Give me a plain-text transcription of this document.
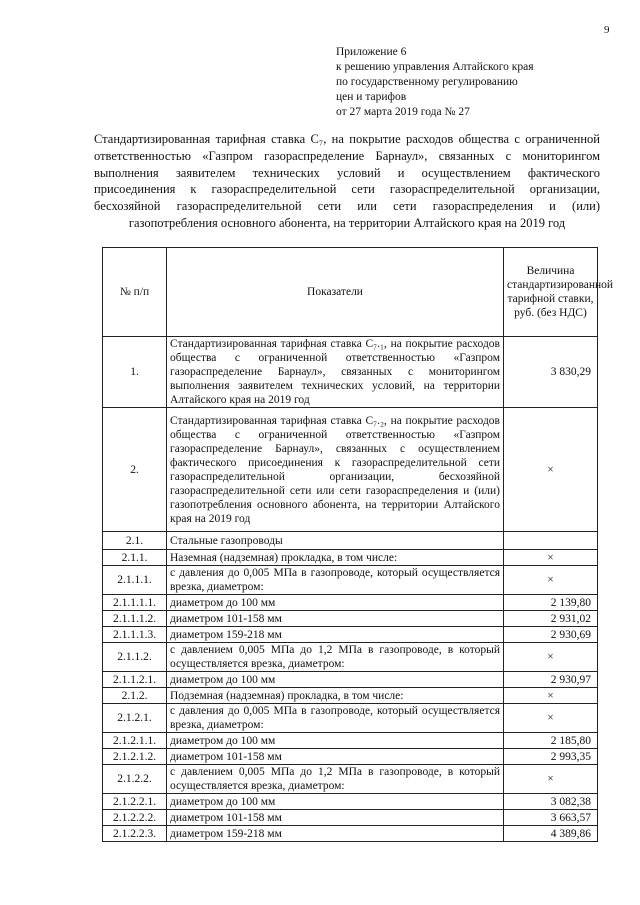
9
Приложение 6
к решению управления Алтайского края
по государственному регулированию
цен и тарифов
от 27 марта 2019 года № 27
Стандартизированная тарифная ставка С₇, на покрытие расходов общества с ограниченной ответственностью «Газпром газораспределение Барнаул», связанных с мониторингом выполнения заявителем технических условий и осуществлением фактического присоединения к газораспределительной сети газораспределительной организации, бесхозяйной газораспределительной сети или сети газораспределения и (или) газопотребления основного абонента, на территории Алтайского края на 2019 год
№ п/п	Показатели	Величина стандартизированной тарифной ставки, руб. (без НДС)
1.	Стандартизированная тарифная ставка С₇.₁, на покрытие расходов общества с ограниченной ответственностью «Газпром газораспределение Барнаул», связанных с мониторингом выполнения заявителем технических условий, на территории Алтайского края на 2019 год	3 830,29
2.	Стандартизированная тарифная ставка С₇.₂, на покрытие расходов общества с ограниченной ответственностью «Газпром газораспределение Барнаул», связанных с осуществлением фактического присоединения к газораспределительной сети газораспределительной организации, бесхозяйной газораспределительной сети или сети газораспределения и (или) газопотребления основного абонента, на территории Алтайского края на 2019 год	×
2.1.	Стальные газопроводы	
2.1.1.	Наземная (надземная) прокладка, в том числе:	×
2.1.1.1.	с давления до 0,005 МПа в газопроводе, который осуществляется врезка, диаметром:	×
2.1.1.1.1.	диаметром до 100 мм	2 139,80
2.1.1.1.2.	диаметром 101-158 мм	2 931,02
2.1.1.1.3.	диаметром 159-218 мм	2 930,69
2.1.1.2.	с давлением 0,005 МПа до 1,2 МПа в газопроводе, в который осуществляется врезка, диаметром:	×
2.1.1.2.1.	диаметром до 100 мм	2 930,97
2.1.2.	Подземная (надземная) прокладка, в том числе:	×
2.1.2.1.	с давления до 0,005 МПа в газопроводе, который осуществляется врезка, диаметром:	×
2.1.2.1.1.	диаметром до 100 мм	2 185,80
2.1.2.1.2.	диаметром 101-158 мм	2 993,35
2.1.2.2.	с давлением 0,005 МПа до 1,2 МПа в газопроводе, в который осуществляется врезка, диаметром:	×
2.1.2.2.1.	диаметром до 100 мм	3 082,38
2.1.2.2.2.	диаметром 101-158 мм	3 663,57
2.1.2.2.3.	диаметром 159-218 мм	4 389,86
